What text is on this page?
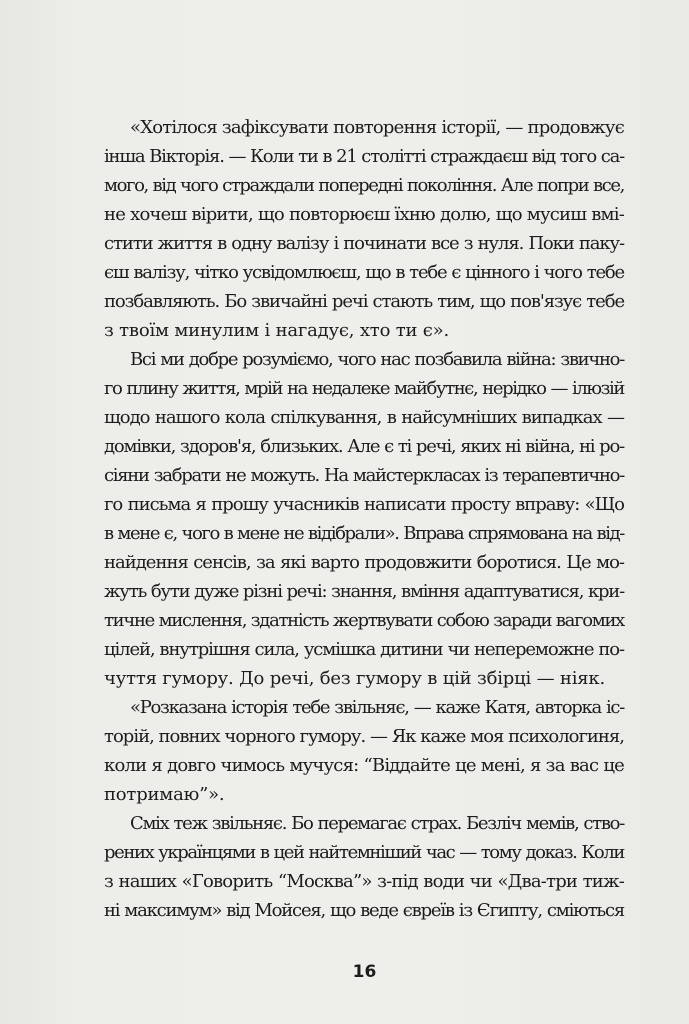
«Хотілося зафіксувати повторення історії, — продовжує
інша Вікторія. — Коли ти в 21 столітті страждаєш від того са-
мого, від чого страждали попередні покоління. Але попри все,
не хочеш вірити, що повторюєш їхню долю, що мусиш вмі-
стити життя в одну валізу і починати все з нуля. Поки паку-
єш валізу, чітко усвідомлюєш, що в тебе є цінного і чого тебе
позбавляють. Бо звичайні речі стають тим, що пов'язує тебе
з твоїм минулим і нагадує, хто ти є».
Всі ми добре розуміємо, чого нас позбавила війна: звично-
го плину життя, мрій на недалеке майбутнє, нерідко — ілюзій
щодо нашого кола спілкування, в найсумніших випадках —
домівки, здоров'я, близьких. Але є ті речі, яких ні війна, ні ро-
сіяни забрати не можуть. На майстеркласах із терапевтично-
го письма я прошу учасників написати просту вправу: «Що
в мене є, чого в мене не відібрали». Вправа спрямована на від-
найдення сенсів, за які варто продовжити боротися. Це мо-
жуть бути дуже різні речі: знання, вміння адаптуватися, кри-
тичне мислення, здатність жертвувати собою заради вагомих
цілей, внутрішня сила, усмішка дитини чи непереможне по-
чуття гумору. До речі, без гумору в цій збірці — ніяк.
«Розказана історія тебе звільняє, — каже Катя, авторка іс-
торій, повних чорного гумору. — Як каже моя психологиня,
коли я довго чимось мучуся: “Віддайте це мені, я за вас це
потримаю”».
Сміх теж звільняє. Бо перемагає страх. Безліч мемів, ство-
рених українцями в цей найтемніший час — тому доказ. Коли
з наших «Говорить “Москва”» з-під води чи «Два-три тиж-
ні максимум» від Мойсея, що веде євреїв із Єгипту, сміються
16
